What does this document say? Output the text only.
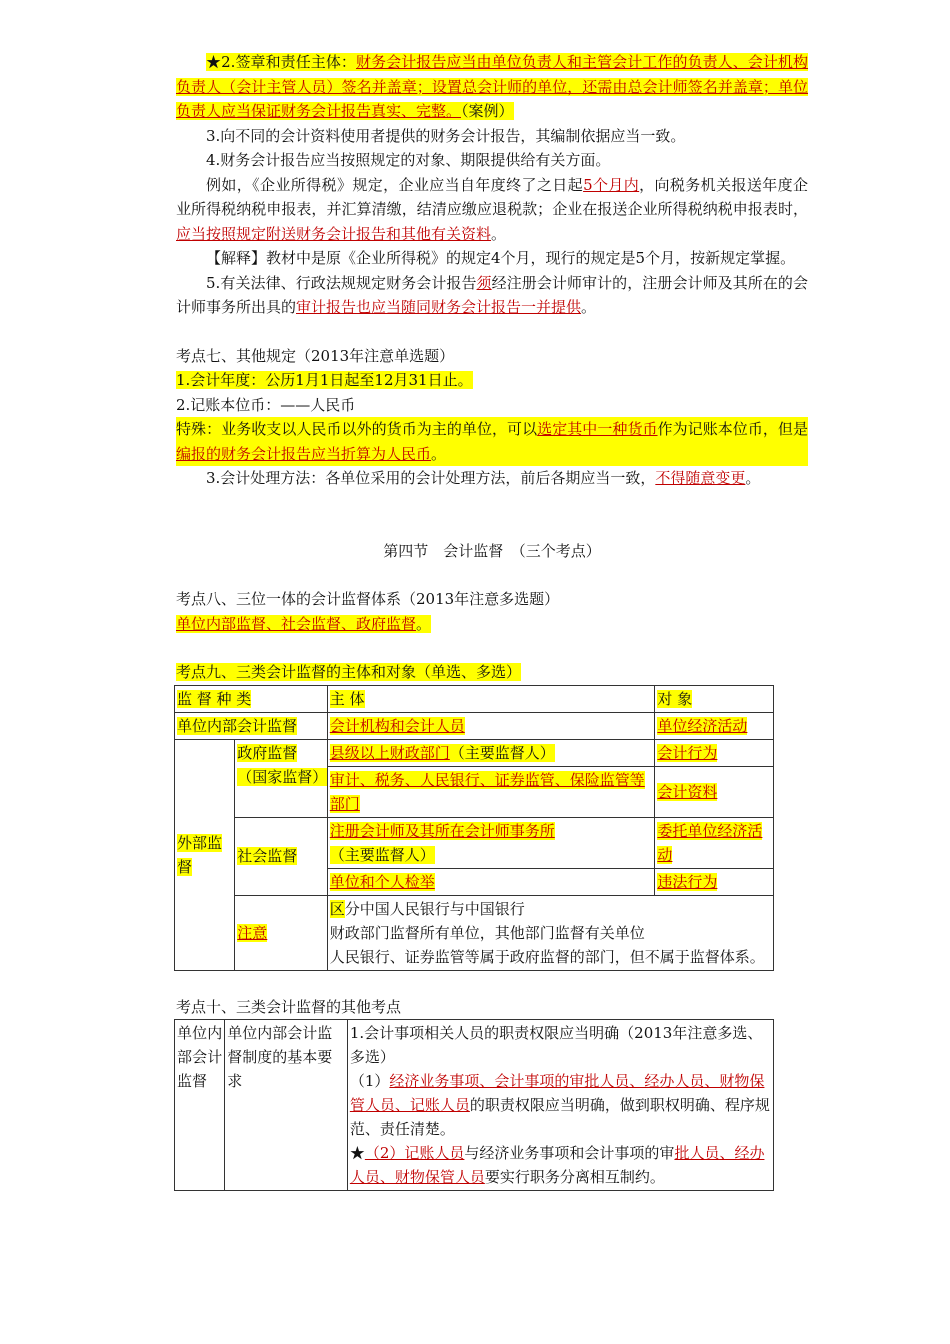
★2.签章和责任主体：财务会计报告应当由单位负责人和主管会计工作的负责人、会计机构负责人（会计主管人员）签名并盖章；设置总会计师的单位，还需由总会计师签名并盖章；单位负责人应当保证财务会计报告真实、完整。（案例）

3.向不同的会计资料使用者提供的财务会计报告，其编制依据应当一致。

4.财务会计报告应当按照规定的对象、期限提供给有关方面。

例如，《企业所得税》规定，企业应当自年度终了之日起5个月内，向税务机关报送年度企业所得税纳税申报表，并汇算清缴，结清应缴应退税款；企业在报送企业所得税纳税申报表时，应当按照规定附送财务会计报告和其他有关资料。

【解释】教材中是原《企业所得税》的规定4个月，现行的规定是5个月，按新规定掌握。

5.有关法律、行政法规规定财务会计报告须经注册会计师审计的，注册会计师及其所在的会计师事务所出具的审计报告也应当随同财务会计报告一并提供。

考点七、其他规定（2013年注意单选题）

1.会计年度：公历1月1日起至12月31日止。

2.记账本位币：——人民币

特殊：业务收支以人民币以外的货币为主的单位，可以选定其中一种货币作为记账本位币，但是编报的财务会计报告应当折算为人民币。

3.会计处理方法：各单位采用的会计处理方法，前后各期应当一致，不得随意变更。

第四节　会计监督　（三个考点）

考点八、三位一体的会计监督体系（2013年注意多选题）

单位内部监督、社会监督、政府监督。

考点九、三类会计监督的主体和对象（单选、多选）

监 督 种 类		主 体	对 象
单位内部会计监督		会计机构和会计人员	单位经济活动
外部监督	政府监督（国家监督）	县级以上财政部门（主要监督人）	会计行为
		审计、税务、人民银行、证券监管、保险监管等部门	会计资料
	社会监督	注册会计师及其所在会计师事务所（主要监督人）	委托单位经济活动
		单位和个人检举	违法行为
	注意	区分中国人民银行与中国银行
财政部门监督所有单位，其他部门监督有关单位
人民银行、证券监管等属于政府监督的部门，但不属于监督体系。	

考点十、三类会计监督的其他考点

单位内部会计监督	单位内部会计监督制度的基本要求	
1.会计事项相关人员的职责权限应当明确（2013年注意多选、多选）
（1）经济业务事项、会计事项的审批人员、经办人员、财物保管人员、记账人员的职责权限应当明确，做到职权明确、程序规范、责任清楚。
★（2）记账人员与经济业务事项和会计事项的审批人员、经办人员、财物保管人员要实行职务分离相互制约。
